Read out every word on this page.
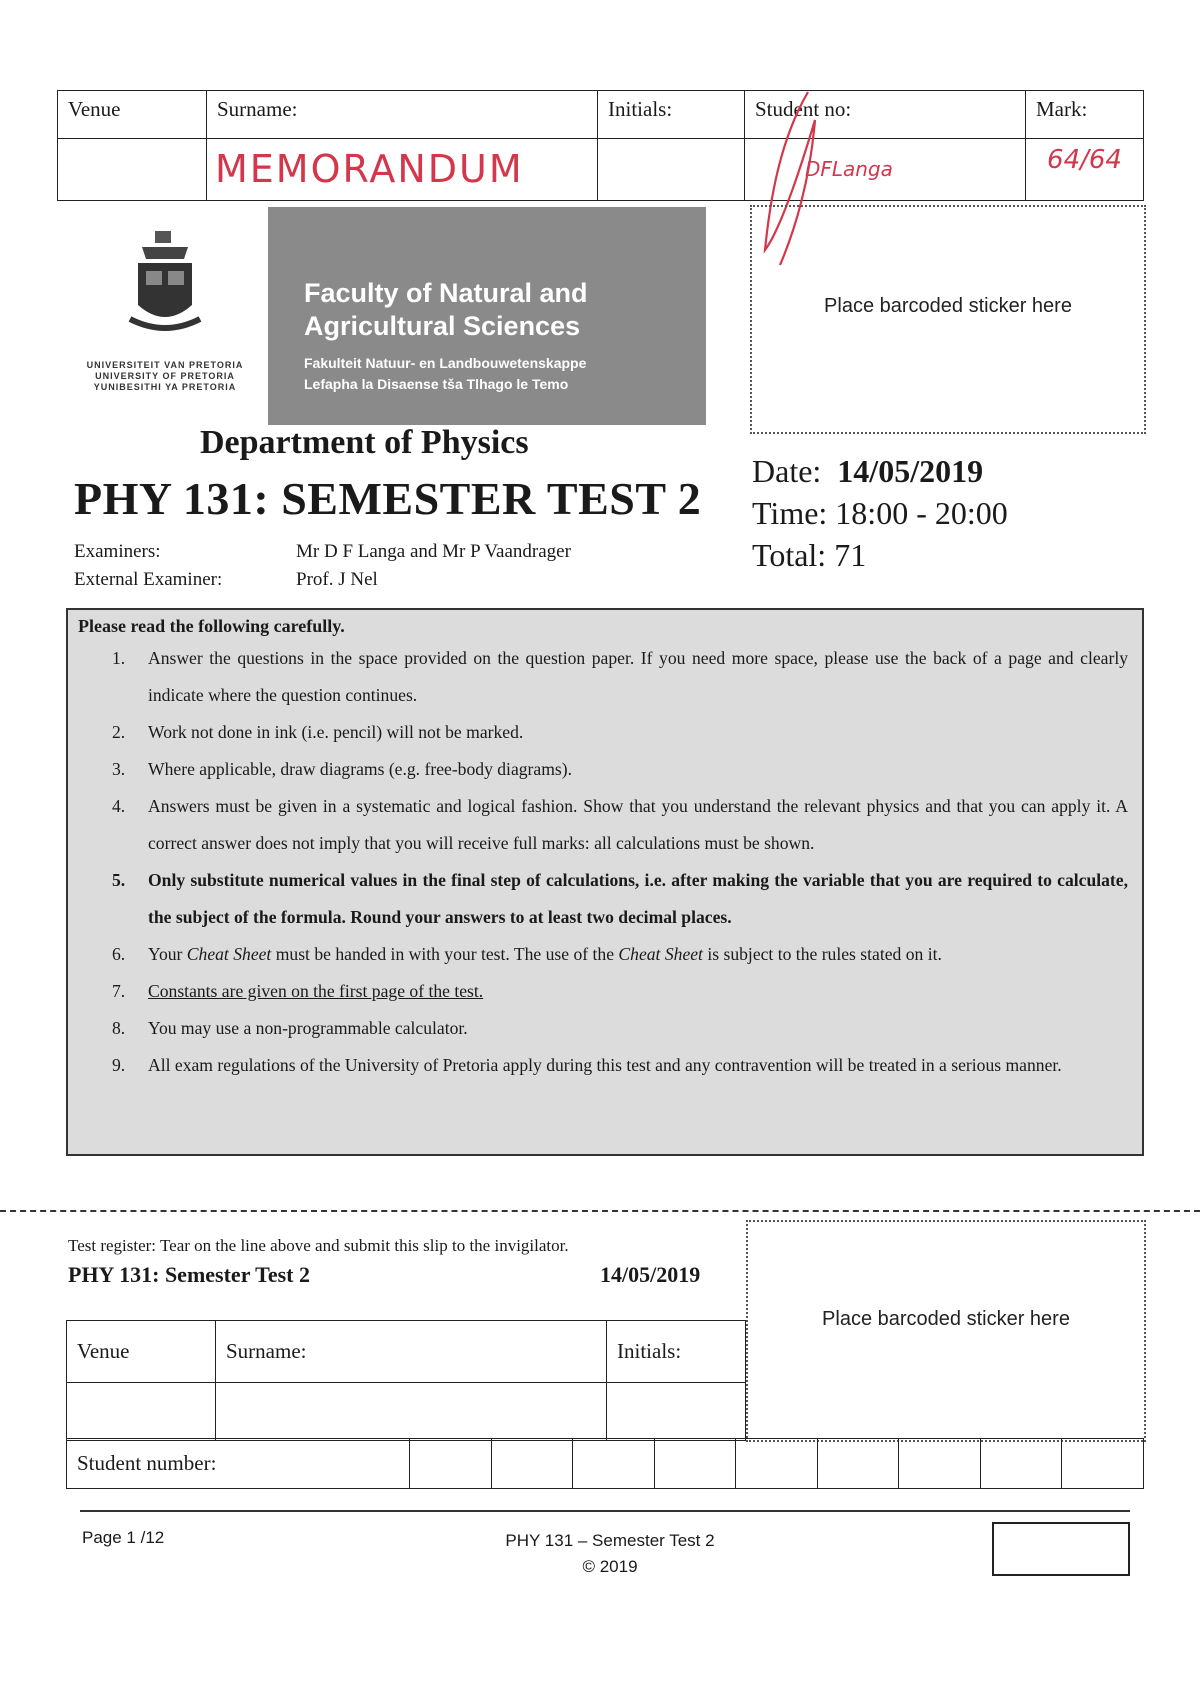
Venue	Surname:	Initials:	Student no:	Mark:
	MEMORANDUM		DFLanga	64/64
UNIVERSITEIT VAN PRETORIA
UNIVERSITY OF PRETORIA
YUNIBESITHI YA PRETORIA
Faculty of Natural and
Agricultural Sciences
Fakulteit Natuur- en Landbouwetenskappe
Lefapha la Disaense tša Tlhago le Temo
Place barcoded sticker here
Department of Physics
PHY 131: SEMESTER TEST 2
Date: 14/05/2019
Time: 18:00 - 20:00
Total: 71
Examiners:	Mr D F Langa and Mr P Vaandrager
External Examiner:	Prof. J Nel
Please read the following carefully.
1. Answer the questions in the space provided on the question paper. If you need more space, please use the back of a page and clearly indicate where the question continues.
2. Work not done in ink (i.e. pencil) will not be marked.
3. Where applicable, draw diagrams (e.g. free-body diagrams).
4. Answers must be given in a systematic and logical fashion. Show that you understand the relevant physics and that you can apply it. A correct answer does not imply that you will receive full marks: all calculations must be shown.
5. Only substitute numerical values in the final step of calculations, i.e. after making the variable that you are required to calculate, the subject of the formula. Round your answers to at least two decimal places.
6. Your Cheat Sheet must be handed in with your test. The use of the Cheat Sheet is subject to the rules stated on it.
7. Constants are given on the first page of the test.
8. You may use a non-programmable calculator.
9. All exam regulations of the University of Pretoria apply during this test and any contravention will be treated in a serious manner.
Test register: Tear on the line above and submit this slip to the invigilator.
PHY 131: Semester Test 2	14/05/2019
Place barcoded sticker here
Venue	Surname:	Initials:

Student number:									
Page 1 /12	PHY 131 – Semester Test 2
© 2019
